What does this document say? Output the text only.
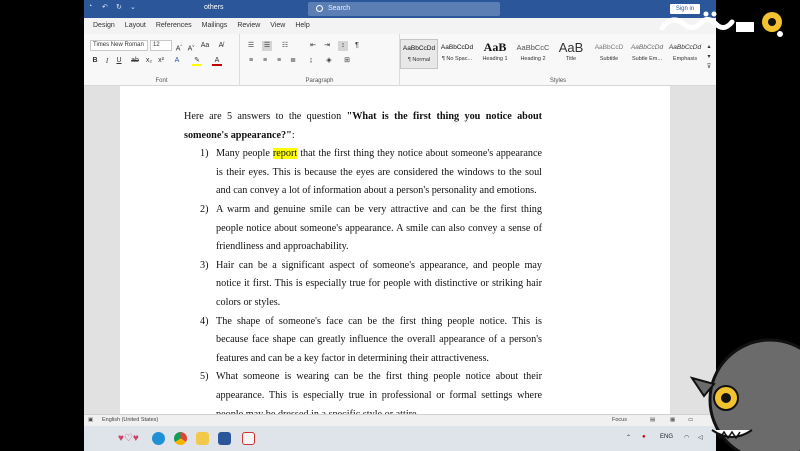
◔	↶	↻	⌄	others	Search	Sign in
Design	Layout	References	Mailings	Review	View	Help
Times New Roman	12
A^ $A^v$ Aa	A̸
B	I	U	ab x₂ x²	A	✎	A
Font
☰ ☰ ☷	⇤ ⇥	↕	¶
≡	≡	≡	≣	↨	◈	⊞
Paragraph
AaBbCcDd
¶ Normal
AaBbCcDd
¶ No Spac...
AaB
Heading 1
AaBbCcC
Heading 2
AaB
Title
AaBbCcD
Subtitle
AaBbCcDd
Subtle Em...
AaBbCcDd
Emphasis
▴
▾
⊽
Styles

Here are 5 answers to the question "What is the first thing you notice about someone's appearance?":

1) Many people report that the first thing they notice about someone's appearance is their eyes. This is because the eyes are considered the windows to the soul and can convey a lot of information about a person's personality and emotions.
2) A warm and genuine smile can be very attractive and can be the first thing people notice about someone's appearance. A smile can also convey a sense of friendliness and approachability.
3) Hair can be a significant aspect of someone's appearance, and people may notice it first. This is especially true for people with distinctive or striking hair colors or styles.
4) The shape of someone's face can be the first thing people notice. This is because face shape can greatly influence the overall appearance of a person's features and can be a key factor in determining their attractiveness.
5) What someone is wearing can be the first thing people notice about their appearance. This is especially true in professional or formal settings where
▣ English (United States)	Focus	▤	▦ ▭
♥♡♥	⌃ ● ENG ◠ ◁
